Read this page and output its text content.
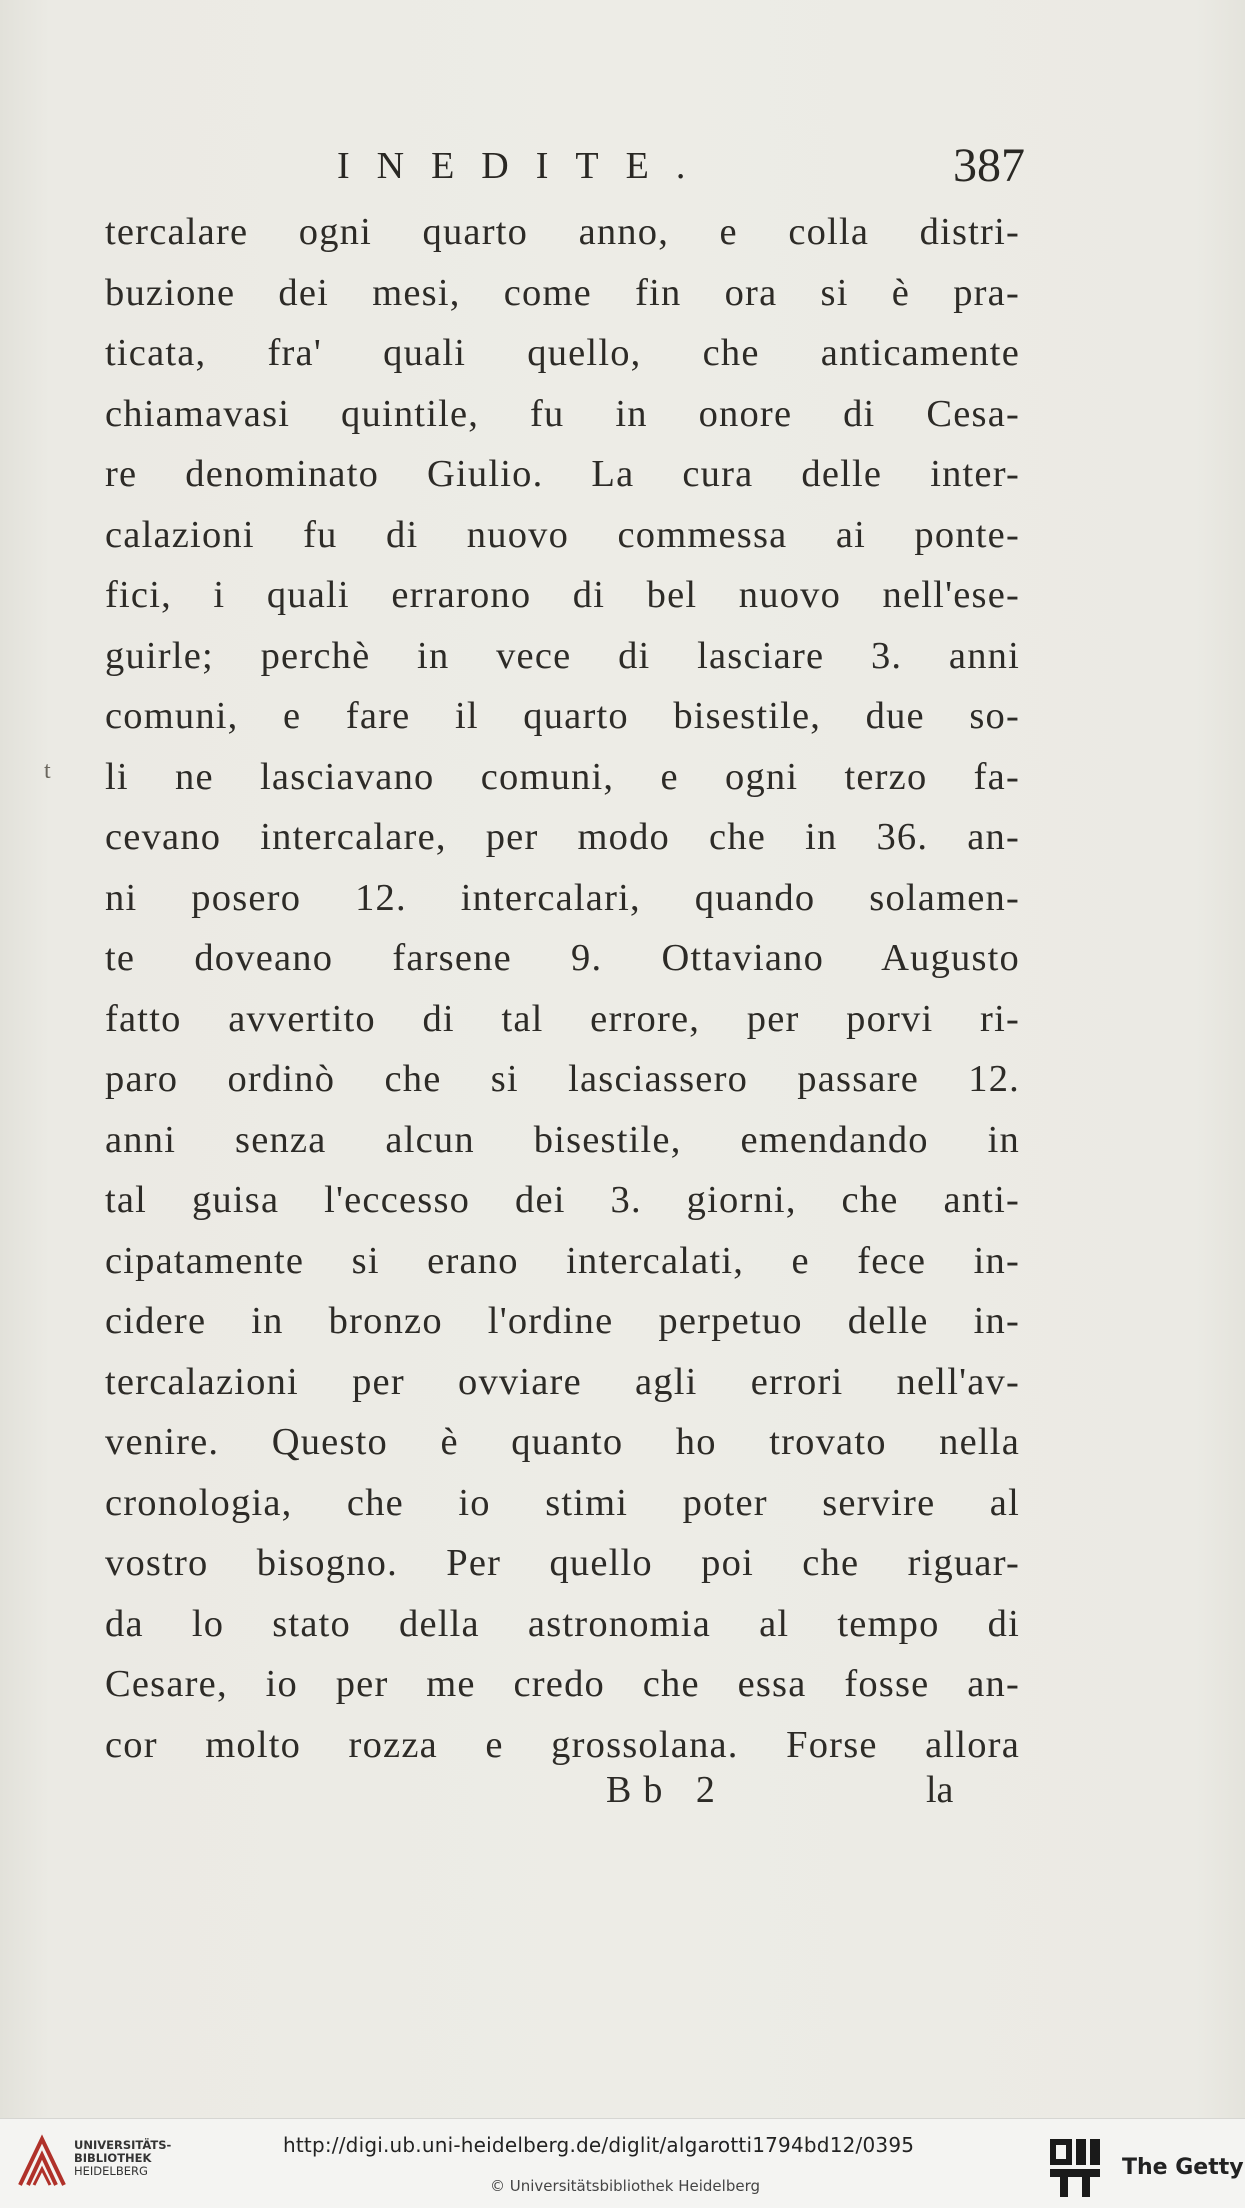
INEDITE.	387
t
tercalare ogni quarto anno, e colla distri-
buzione dei mesi, come fin ora si è pra-
ticata, fra' quali quello, che anticamente
chiamavasi quintile, fu in onore di Cesa-
re denominato Giulio. La cura delle inter-
calazioni fu di nuovo commessa ai ponte-
fici, i quali errarono di bel nuovo nell'ese-
guirle; perchè in vece di lasciare 3. anni
comuni, e fare il quarto bisestile, due so-
li ne lasciavano comuni, e ogni terzo fa-
cevano intercalare, per modo che in 36. an-
ni posero 12. intercalari, quando solamen-
te doveano farsene 9. Ottaviano Augusto
fatto avvertito di tal errore, per porvi ri-
paro ordinò che si lasciassero passare 12.
anni senza alcun bisestile, emendando in
tal guisa l'eccesso dei 3. giorni, che anti-
cipatamente si erano intercalati, e fece in-
cidere in bronzo l'ordine perpetuo delle in-
tercalazioni per ovviare agli errori nell'av-
venire. Questo è quanto ho trovato nella
cronologia, che io stimi poter servire al
vostro bisogno. Per quello poi che riguar-
da lo stato della astronomia al tempo di
Cesare, io per me credo che essa fosse an-
cor molto rozza e grossolana. Forse allora
Bb 2	la
UNIVERSITÄTS-
BIBLIOTHEK
HEIDELBERG
http://digi.ub.uni-heidelberg.de/diglit/algarotti1794bd12/0395
© Universitätsbibliothek Heidelberg
The Getty
